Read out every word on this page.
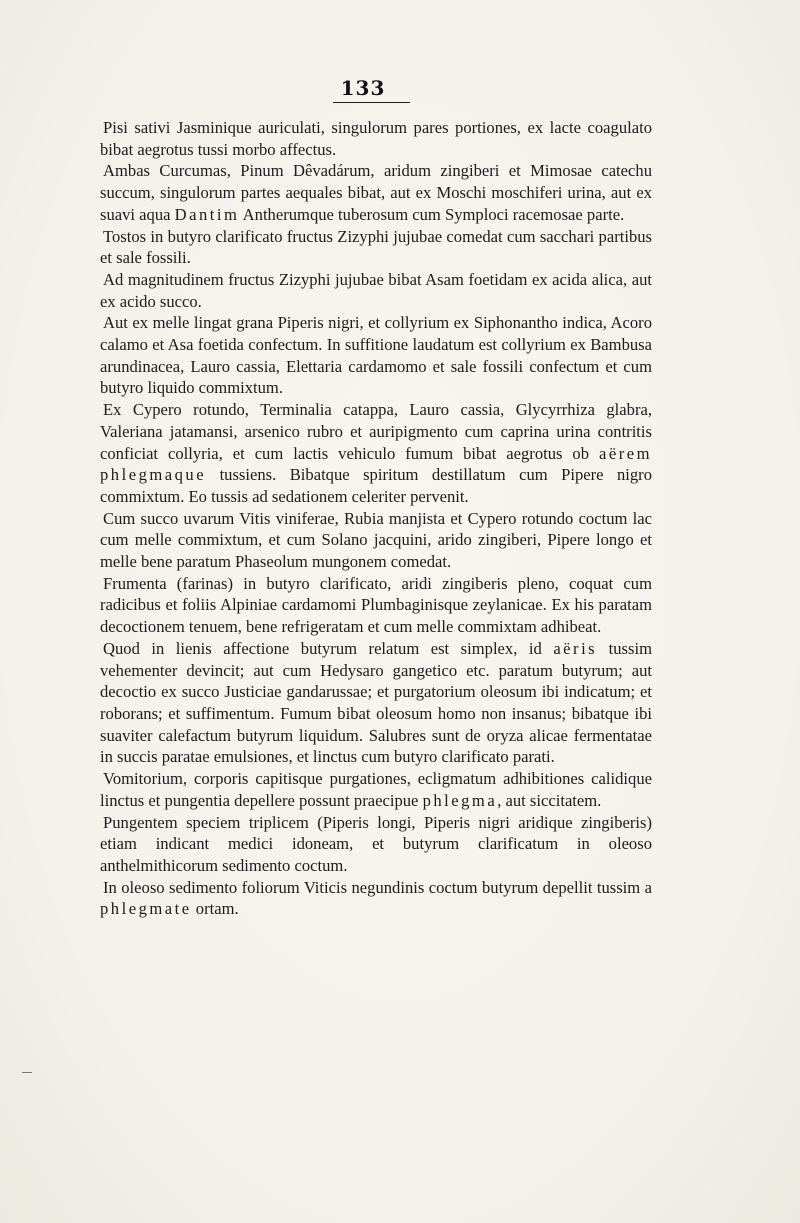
133

Pisi sativi Jasminique auriculati, singulorum pares portiones, ex lacte coagulato bibat aegrotus tussi morbo affectus.

Ambas Curcumas, Pinum Dêvadárum, aridum zingiberi et Mimosae catechu succum, singulorum partes aequales bibat, aut ex Moschi moschiferi urina, aut ex suavi aqua Dantim Antherumque tuberosum cum Symploci racemosae parte.

Tostos in butyro clarificato fructus Zizyphi jujubae comedat cum sacchari partibus et sale fossili.

Ad magnitudinem fructus Zizyphi jujubae bibat Asam foetidam ex acida alica, aut ex acido succo.

Aut ex melle lingat grana Piperis nigri, et collyrium ex Siphonantho indica, Acoro calamo et Asa foetida confectum. In suffitione laudatum est collyrium ex Bambusa arundinacea, Lauro cassia, Elettaria cardamomo et sale fossili confectum et cum butyro liquido commixtum.

Ex Cypero rotundo, Terminalia catappa, Lauro cassia, Glycyrrhiza glabra, Valeriana jatamansi, arsenico rubro et auripigmento cum caprina urina contritis conficiat collyria, et cum lactis vehiculo fumum bibat aegrotus ob aërem phlegmaque tussiens. Bibatque spiritum destillatum cum Pipere nigro commixtum. Eo tussis ad sedationem celeriter pervenit.

Cum succo uvarum Vitis viniferae, Rubia manjista et Cypero rotundo coctum lac cum melle commixtum, et cum Solano jacquini, arido zingiberi, Pipere longo et melle bene paratum Phaseolum mungonem comedat.

Frumenta (farinas) in butyro clarificato, aridi zingiberis pleno, coquat cum radicibus et foliis Alpiniae cardamomi Plumbaginisque zeylanicae. Ex his paratam decoctionem tenuem, bene refrigeratam et cum melle commixtam adhibeat.

Quod in lienis affectione butyrum relatum est simplex, id aëris tussim vehementer devincit; aut cum Hedysaro gangetico etc. paratum butyrum; aut decoctio ex succo Justiciae gandarussae; et purgatorium oleosum ibi indicatum; et roborans; et suffimentum. Fumum bibat oleosum homo non insanus; bibatque ibi suaviter calefactum butyrum liquidum. Salubres sunt de oryza alicae fermentatae in succis paratae emulsiones, et linctus cum butyro clarificato parati.

Vomitorium, corporis capitisque purgationes, ecligmatum adhibitiones calidique linctus et pungentia depellere possunt praecipue phlegma, aut siccitatem.

Pungentem speciem triplicem (Piperis longi, Piperis nigri aridique zingiberis) etiam indicant medici idoneam, et butyrum clarificatum in oleoso anthelmithicorum sedimento coctum.

In oleoso sedimento foliorum Viticis negundinis coctum butyrum depellit tussim a phlegmate ortam.
